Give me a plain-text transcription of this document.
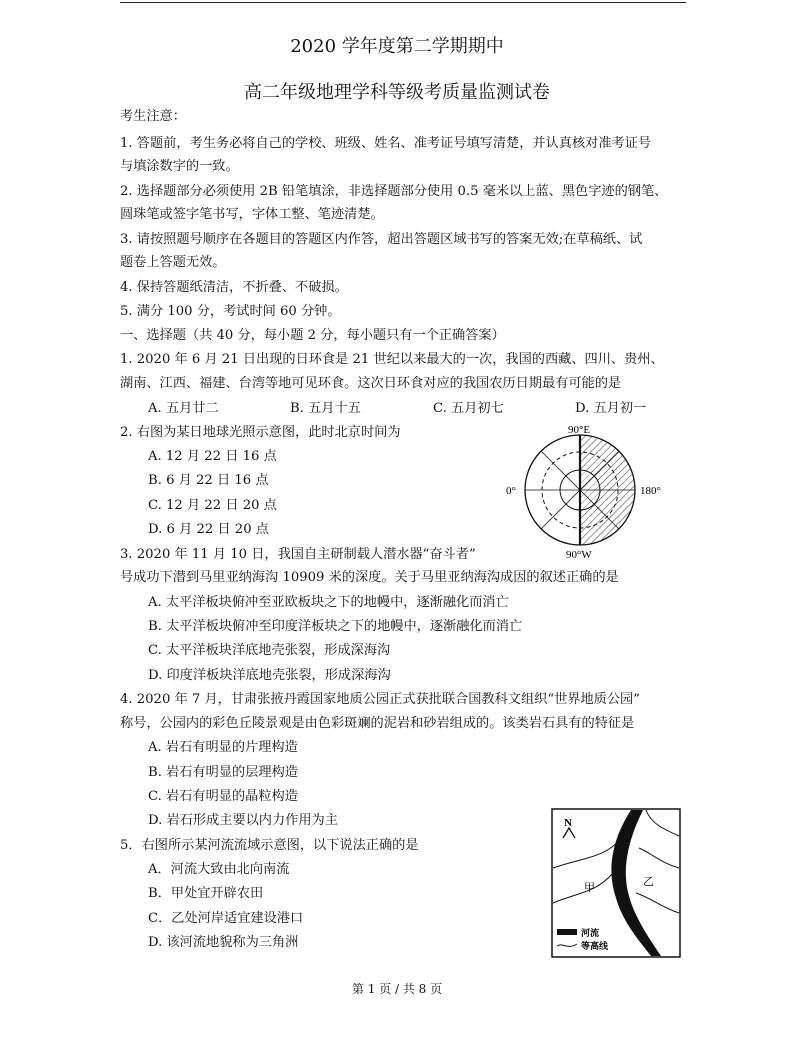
2020 学年度第二学期期中
高二年级地理学科等级考质量监测试卷
考生注意：
1. 答题前，考生务必将自己的学校、班级、姓名、准考证号填写清楚，并认真核对准考证号
与填涂数字的一致。
2. 选择题部分必须使用 2B 铅笔填涂，非选择题部分使用 0.5 毫米以上蓝、黑色字迹的钢笔、
圆珠笔或签字笔书写，字体工整、笔迹清楚。
3. 请按照题号顺序在各题目的答题区内作答，超出答题区域书写的答案无效;在草稿纸、试
题卷上答题无效。
4. 保持答题纸清洁，不折叠、不破损。
5. 满分 100 分，考试时间 60 分钟。
一、选择题（共 40 分，每小题 2 分，每小题只有一个正确答案）
1. 2020 年 6 月 21 日出现的日环食是 21 世纪以来最大的一次，我国的西藏、四川、贵州、
湖南、江西、福建、台湾等地可见环食。这次日环食对应的我国农历日期最有可能的是
A. 五月廿二	B. 五月十五	C. 五月初七	D. 五月初一
2. 右图为某日地球光照示意图，此时北京时间为
A. 12 月 22 日 16 点
B. 6 月 22 日 16 点
C. 12 月 22 日 20 点
D. 6 月 22 日 20 点
90°E
90°W
0°	180°
3. 2020 年 11 月 10 日，我国自主研制载人潜水器“奋斗者”
号成功下潜到马里亚纳海沟 10909 米的深度。关于马里亚纳海沟成因的叙述正确的是
A. 太平洋板块俯冲至亚欧板块之下的地幔中，逐渐融化而消亡
B. 太平洋板块俯冲至印度洋板块之下的地幔中，逐渐融化而消亡
C. 太平洋板块洋底地壳张裂，形成深海沟
D. 印度洋板块洋底地壳张裂，形成深海沟
4. 2020 年 7 月，甘肃张掖丹霞国家地质公园正式获批联合国教科文组织“世界地质公园”
称号，公园内的彩色丘陵景观是由色彩斑斓的泥岩和砂岩组成的。该类岩石具有的特征是
A. 岩石有明显的片理构造
B. 岩石有明显的层理构造
C. 岩石有明显的晶粒构造
D. 岩石形成主要以内力作用为主
5．右图所示某河流流域示意图，以下说法正确的是
A．河流大致由北向南流
B．甲处宜开辟农田
C．乙处河岸适宜建设港口
D. 该河流地貌称为三角洲
N
甲	乙
河流
等高线
第 1 页 / 共 8 页
